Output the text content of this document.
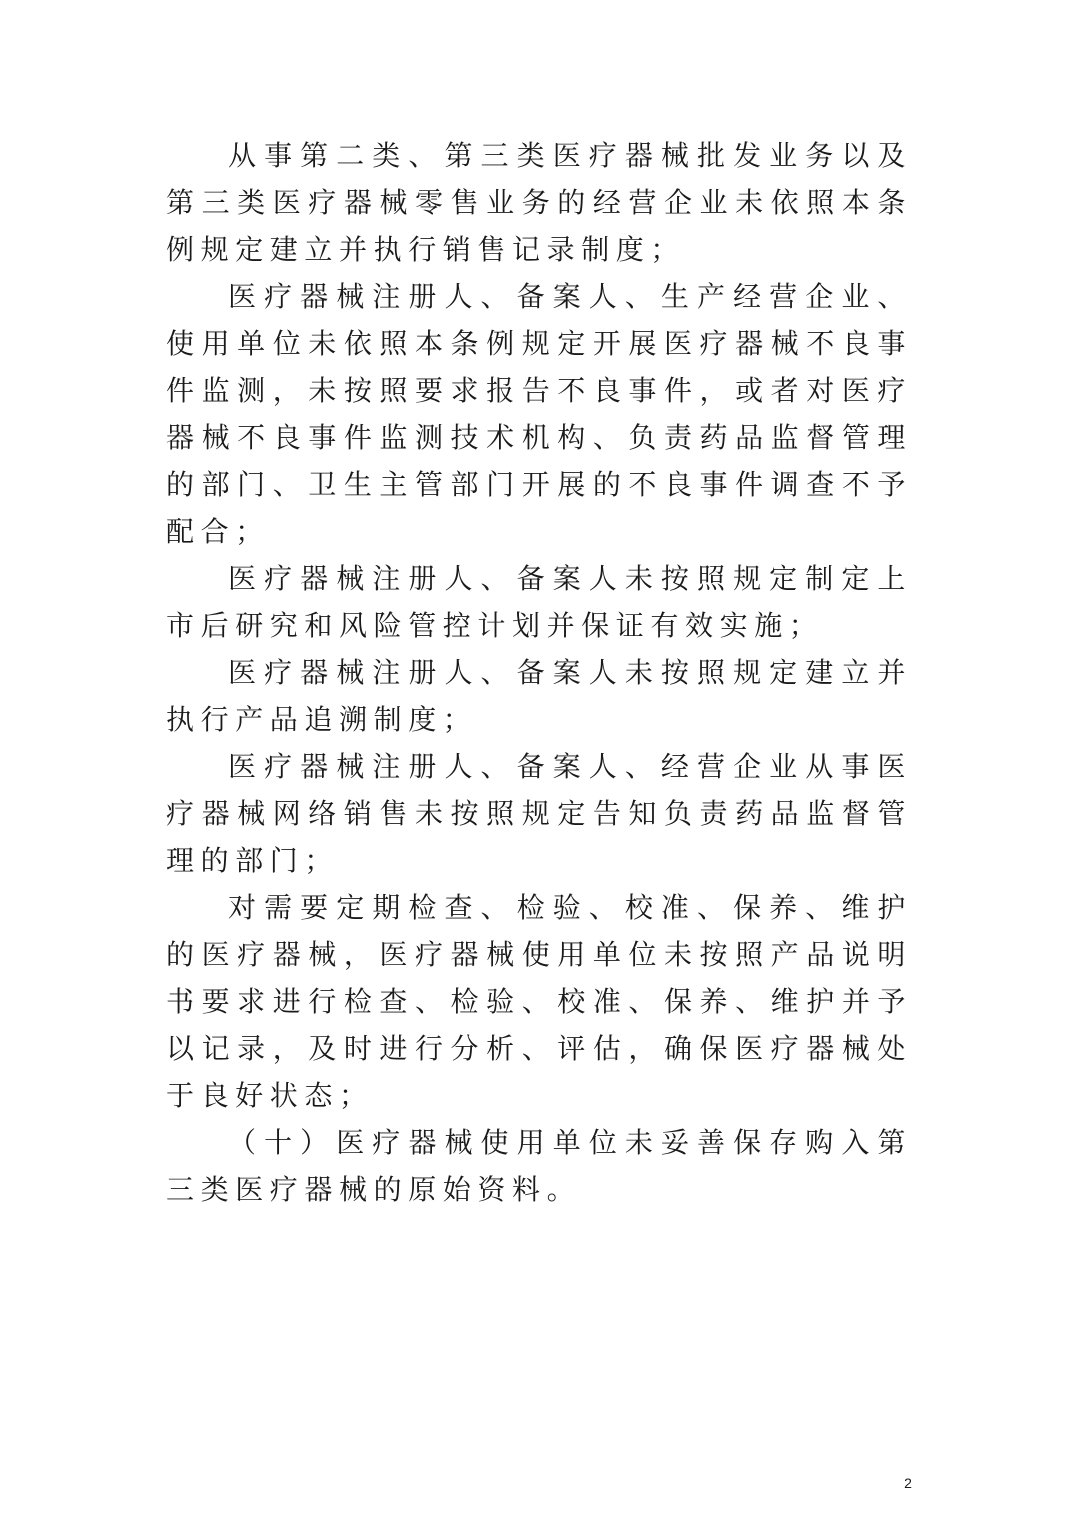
从事第二类、第三类医疗器械批发业务以及第三类医疗器械零售业务的经营企业未依照本条例规定建立并执行销售记录制度；

医疗器械注册人、备案人、生产经营企业、使用单位未依照本条例规定开展医疗器械不良事件监测，未按照要求报告不良事件，或者对医疗器械不良事件监测技术机构、负责药品监督管理的部门、卫生主管部门开展的不良事件调查不予配合；

医疗器械注册人、备案人未按照规定制定上市后研究和风险管控计划并保证有效实施；

医疗器械注册人、备案人未按照规定建立并执行产品追溯制度；

医疗器械注册人、备案人、经营企业从事医疗器械网络销售未按照规定告知负责药品监督管理的部门；

对需要定期检查、检验、校准、保养、维护的医疗器械，医疗器械使用单位未按照产品说明书要求进行检查、检验、校准、保养、维护并予以记录，及时进行分析、评估，确保医疗器械处于良好状态；

（十）医疗器械使用单位未妥善保存购入第三类医疗器械的原始资料。

2
